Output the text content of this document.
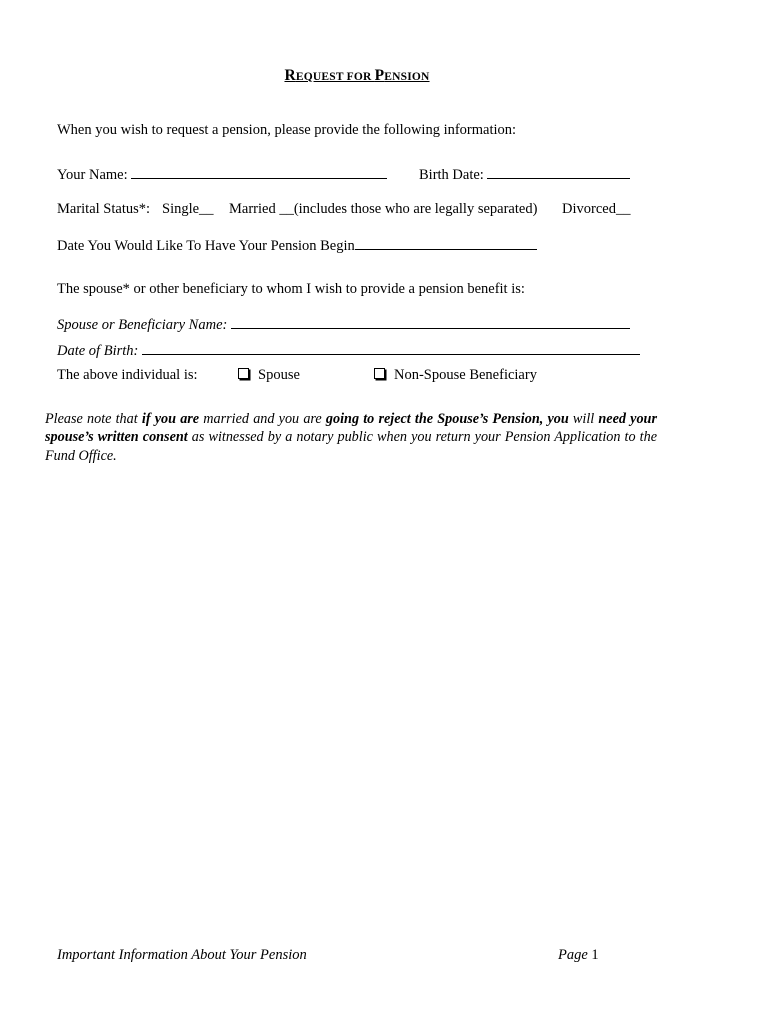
REQUEST FOR PENSION
When you wish to request a pension, please provide the following information:
Your Name:	Birth Date:
Marital Status*: Single__ Married __(includes those who are legally separated) Divorced__
Date You Would Like To Have Your Pension Begin
The spouse* or other beneficiary to whom I wish to provide a pension benefit is:
Spouse or Beneficiary Name:
Date of Birth:
The above individual is:	Spouse	Non-Spouse Beneficiary
Please note that if you are married and you are going to reject the Spouse’s Pension, you will need your spouse’s written consent as witnessed by a notary public when you return your Pension Application to the Fund Office.
Important Information About Your Pension	Page 1
